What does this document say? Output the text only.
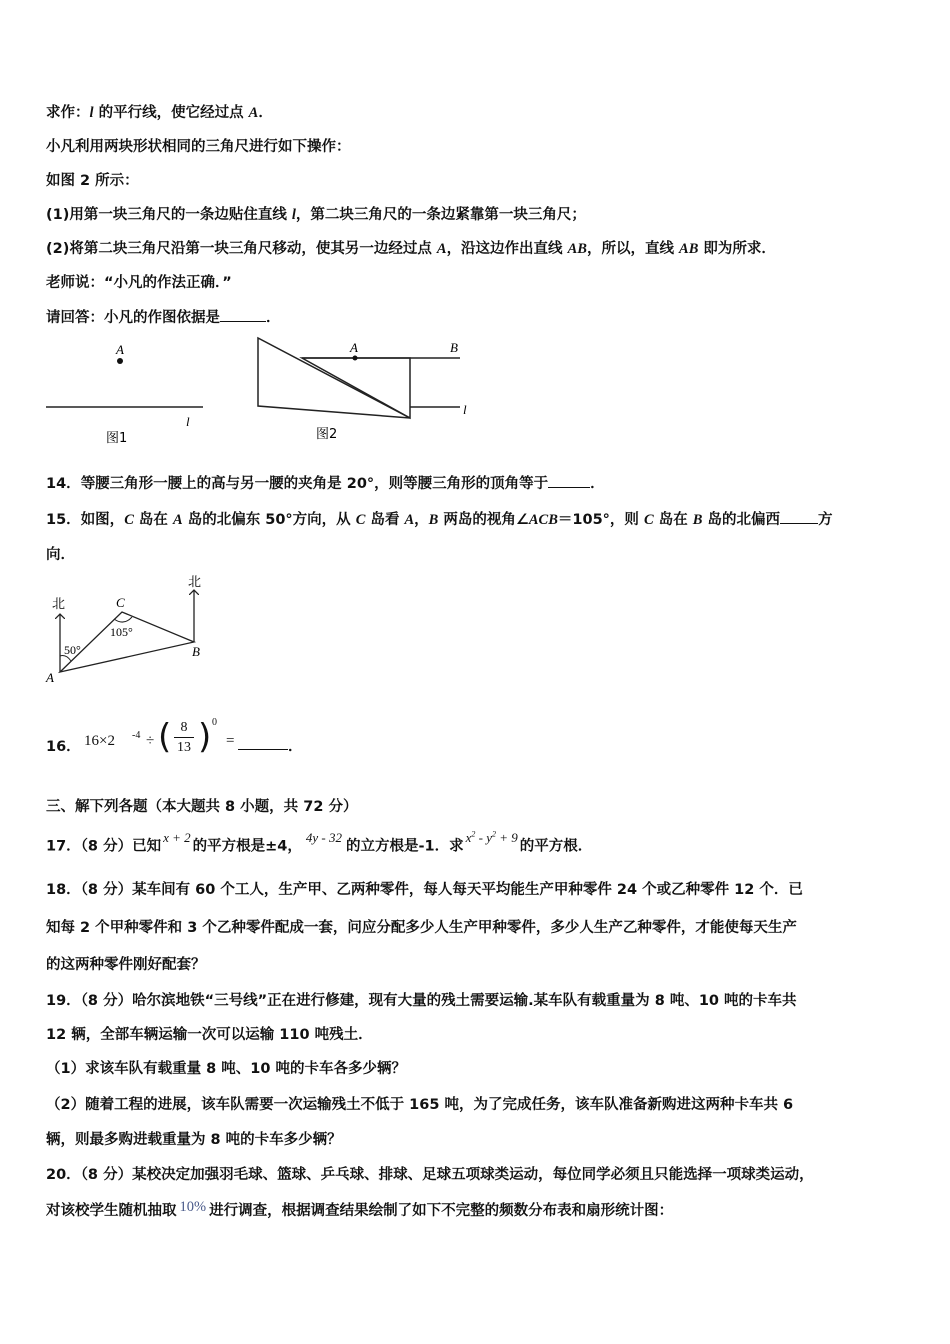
求作：l 的平行线，使它经过点 A．
小凡利用两块形状相同的三角尺进行如下操作：
如图 2 所示：
(1)用第一块三角尺的一条边贴住直线 l，第二块三角尺的一条边紧靠第一块三角尺；
(2)将第二块三角尺沿第一块三角尺移动，使其另一边经过点 A，沿这边作出直线 AB，所以，直线 AB 即为所求．
老师说：“小凡的作法正确．”
请回答：小凡的作图依据是	．
A
l
图1
A	B
l
图2
14．等腰三角形一腰上的高与另一腰的夹角是 20°，则等腰三角形的顶角等于	．
15．如图，C 岛在 A 岛的北偏东 50°方向，从 C 岛看 A，B 两岛的视角∠ACB＝105°，则 C 岛在 B 岛的北偏西	方
向．
北
北
C
A
B
50°
105°
16． 16×2 -4 ÷ ( 8
13 ) 0
=	．
三、解下列各题（本大题共 8 小题，共 72 分）
17．（8 分）已知x + 2的平方根是±4，4y - 32的立方根是-1．求$x^2 - y^2 + 9$的平方根．
18．（8 分）某车间有 60 个工人，生产甲、乙两种零件，每人每天平均能生产甲种零件 24 个或乙种零件 12 个．已
知每 2 个甲种零件和 3 个乙种零件配成一套，问应分配多少人生产甲种零件，多少人生产乙种零件，才能使每天生产
的这两种零件刚好配套？
19．（8 分）哈尔滨地铁“三号线”正在进行修建，现有大量的残土需要运输.某车队有载重量为 8 吨、10 吨的卡车共
12 辆，全部车辆运输一次可以运输 110 吨残土．
（1）求该车队有载重量 8 吨、10 吨的卡车各多少辆？
（2）随着工程的进展，该车队需要一次运输残土不低于 165 吨，为了完成任务，该车队准备新购进这两种卡车共 6
辆，则最多购进载重量为 8 吨的卡车多少辆？
20．（8 分）某校决定加强羽毛球、篮球、乒乓球、排球、足球五项球类运动，每位同学必须且只能选择一项球类运动，
对该校学生随机抽取 10% 进行调查，根据调查结果绘制了如下不完整的频数分布表和扇形统计图：
